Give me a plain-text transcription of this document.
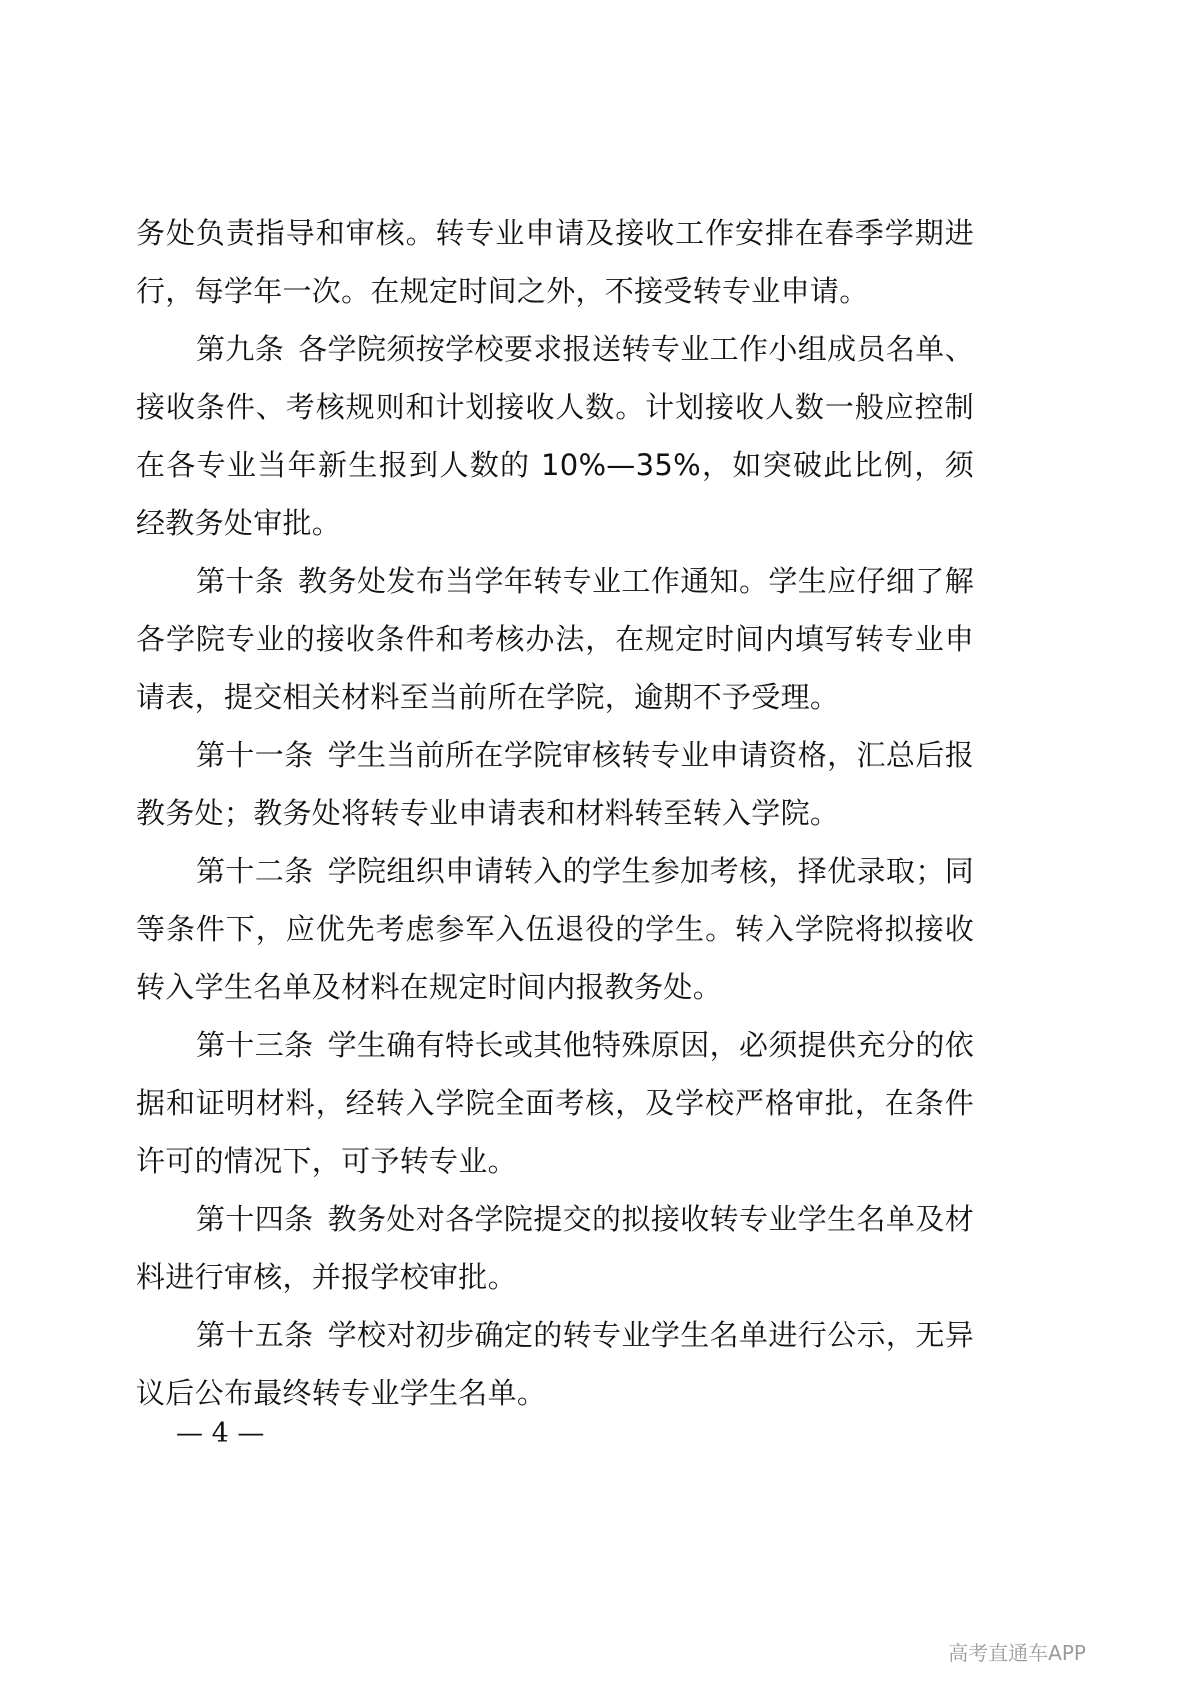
务处负责指导和审核。转专业申请及接收工作安排在春季学期进行，每学年一次。在规定时间之外，不接受转专业申请。

第九条 各学院须按学校要求报送转专业工作小组成员名单、接收条件、考核规则和计划接收人数。计划接收人数一般应控制在各专业当年新生报到人数的 10%—35%，如突破此比例，须经教务处审批。

第十条 教务处发布当学年转专业工作通知。学生应仔细了解各学院专业的接收条件和考核办法，在规定时间内填写转专业申请表，提交相关材料至当前所在学院，逾期不予受理。

第十一条 学生当前所在学院审核转专业申请资格，汇总后报教务处；教务处将转专业申请表和材料转至转入学院。

第十二条 学院组织申请转入的学生参加考核，择优录取；同等条件下，应优先考虑参军入伍退役的学生。转入学院将拟接收转入学生名单及材料在规定时间内报教务处。

第十三条 学生确有特长或其他特殊原因，必须提供充分的依据和证明材料，经转入学院全面考核，及学校严格审批，在条件许可的情况下，可予转专业。

第十四条 教务处对各学院提交的拟接收转专业学生名单及材料进行审核，并报学校审批。

第十五条 学校对初步确定的转专业学生名单进行公示，无异议后公布最终转专业学生名单。

— 4 —
高考直通车APP
